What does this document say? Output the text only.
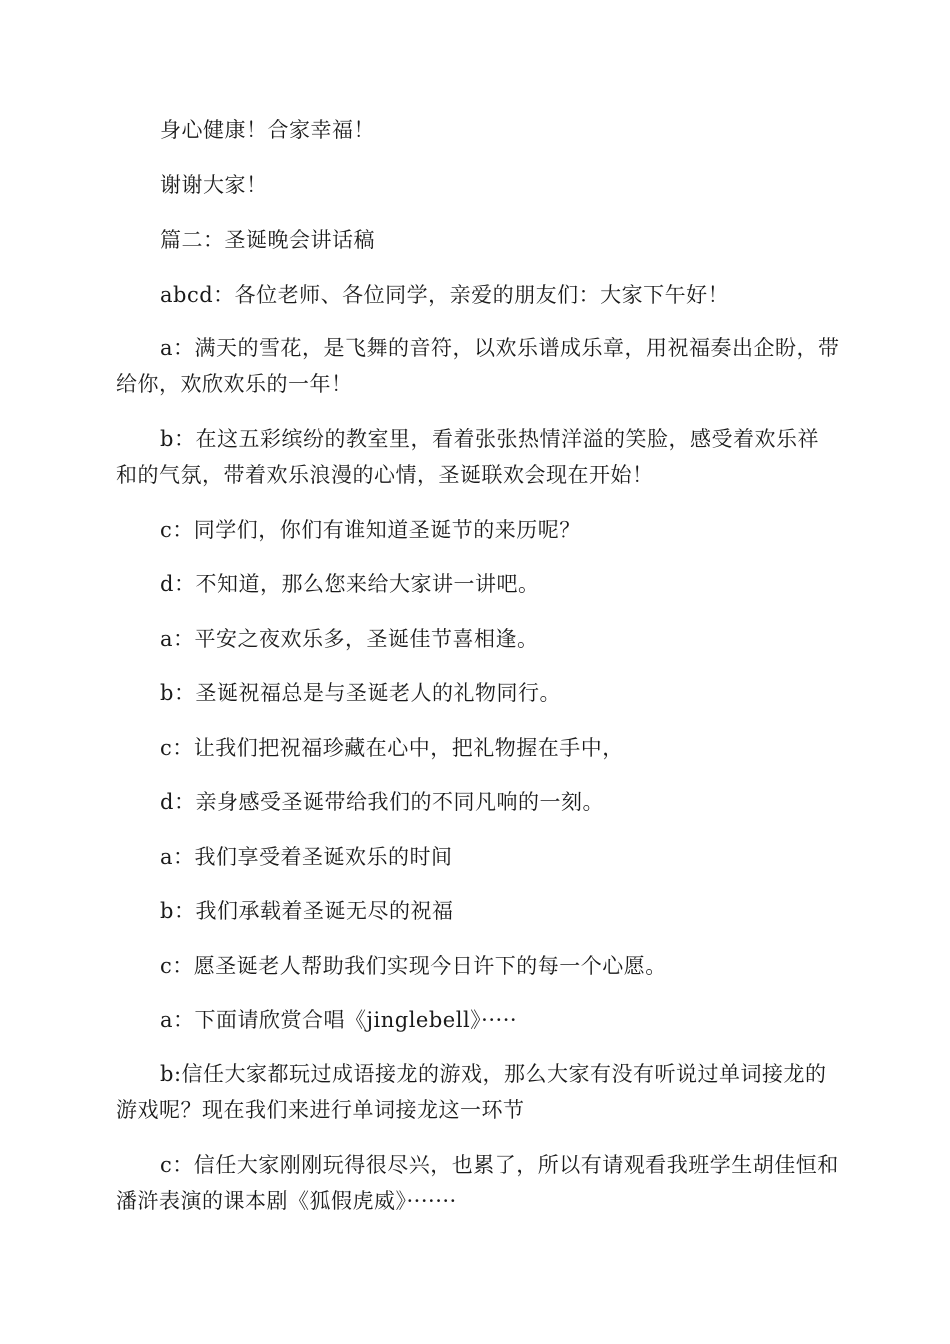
身心健康！合家幸福！

谢谢大家！

篇二：圣诞晚会讲话稿

abcd：各位老师、各位同学，亲爱的朋友们：大家下午好！

a：满天的雪花，是飞舞的音符，以欢乐谱成乐章，用祝福奏出企盼，带给你，欢欣欢乐的一年！

b：在这五彩缤纷的教室里，看着张张热情洋溢的笑脸，感受着欢乐祥和的气氛，带着欢乐浪漫的心情，圣诞联欢会现在开始！

c：同学们，你们有谁知道圣诞节的来历呢？

d：不知道，那么您来给大家讲一讲吧。

a：平安之夜欢乐多，圣诞佳节喜相逢。

b：圣诞祝福总是与圣诞老人的礼物同行。

c：让我们把祝福珍藏在心中，把礼物握在手中，

d：亲身感受圣诞带给我们的不同凡响的一刻。

a：我们享受着圣诞欢乐的时间

b：我们承载着圣诞无尽的祝福

c：愿圣诞老人帮助我们实现今日许下的每一个心愿。

a：下面请欣赏合唱《jinglebell》·····

b:信任大家都玩过成语接龙的游戏，那么大家有没有听说过单词接龙的游戏呢？现在我们来进行单词接龙这一环节

c：信任大家刚刚玩得很尽兴，也累了，所以有请观看我班学生胡佳恒和潘浒表演的课本剧《狐假虎威》·······
